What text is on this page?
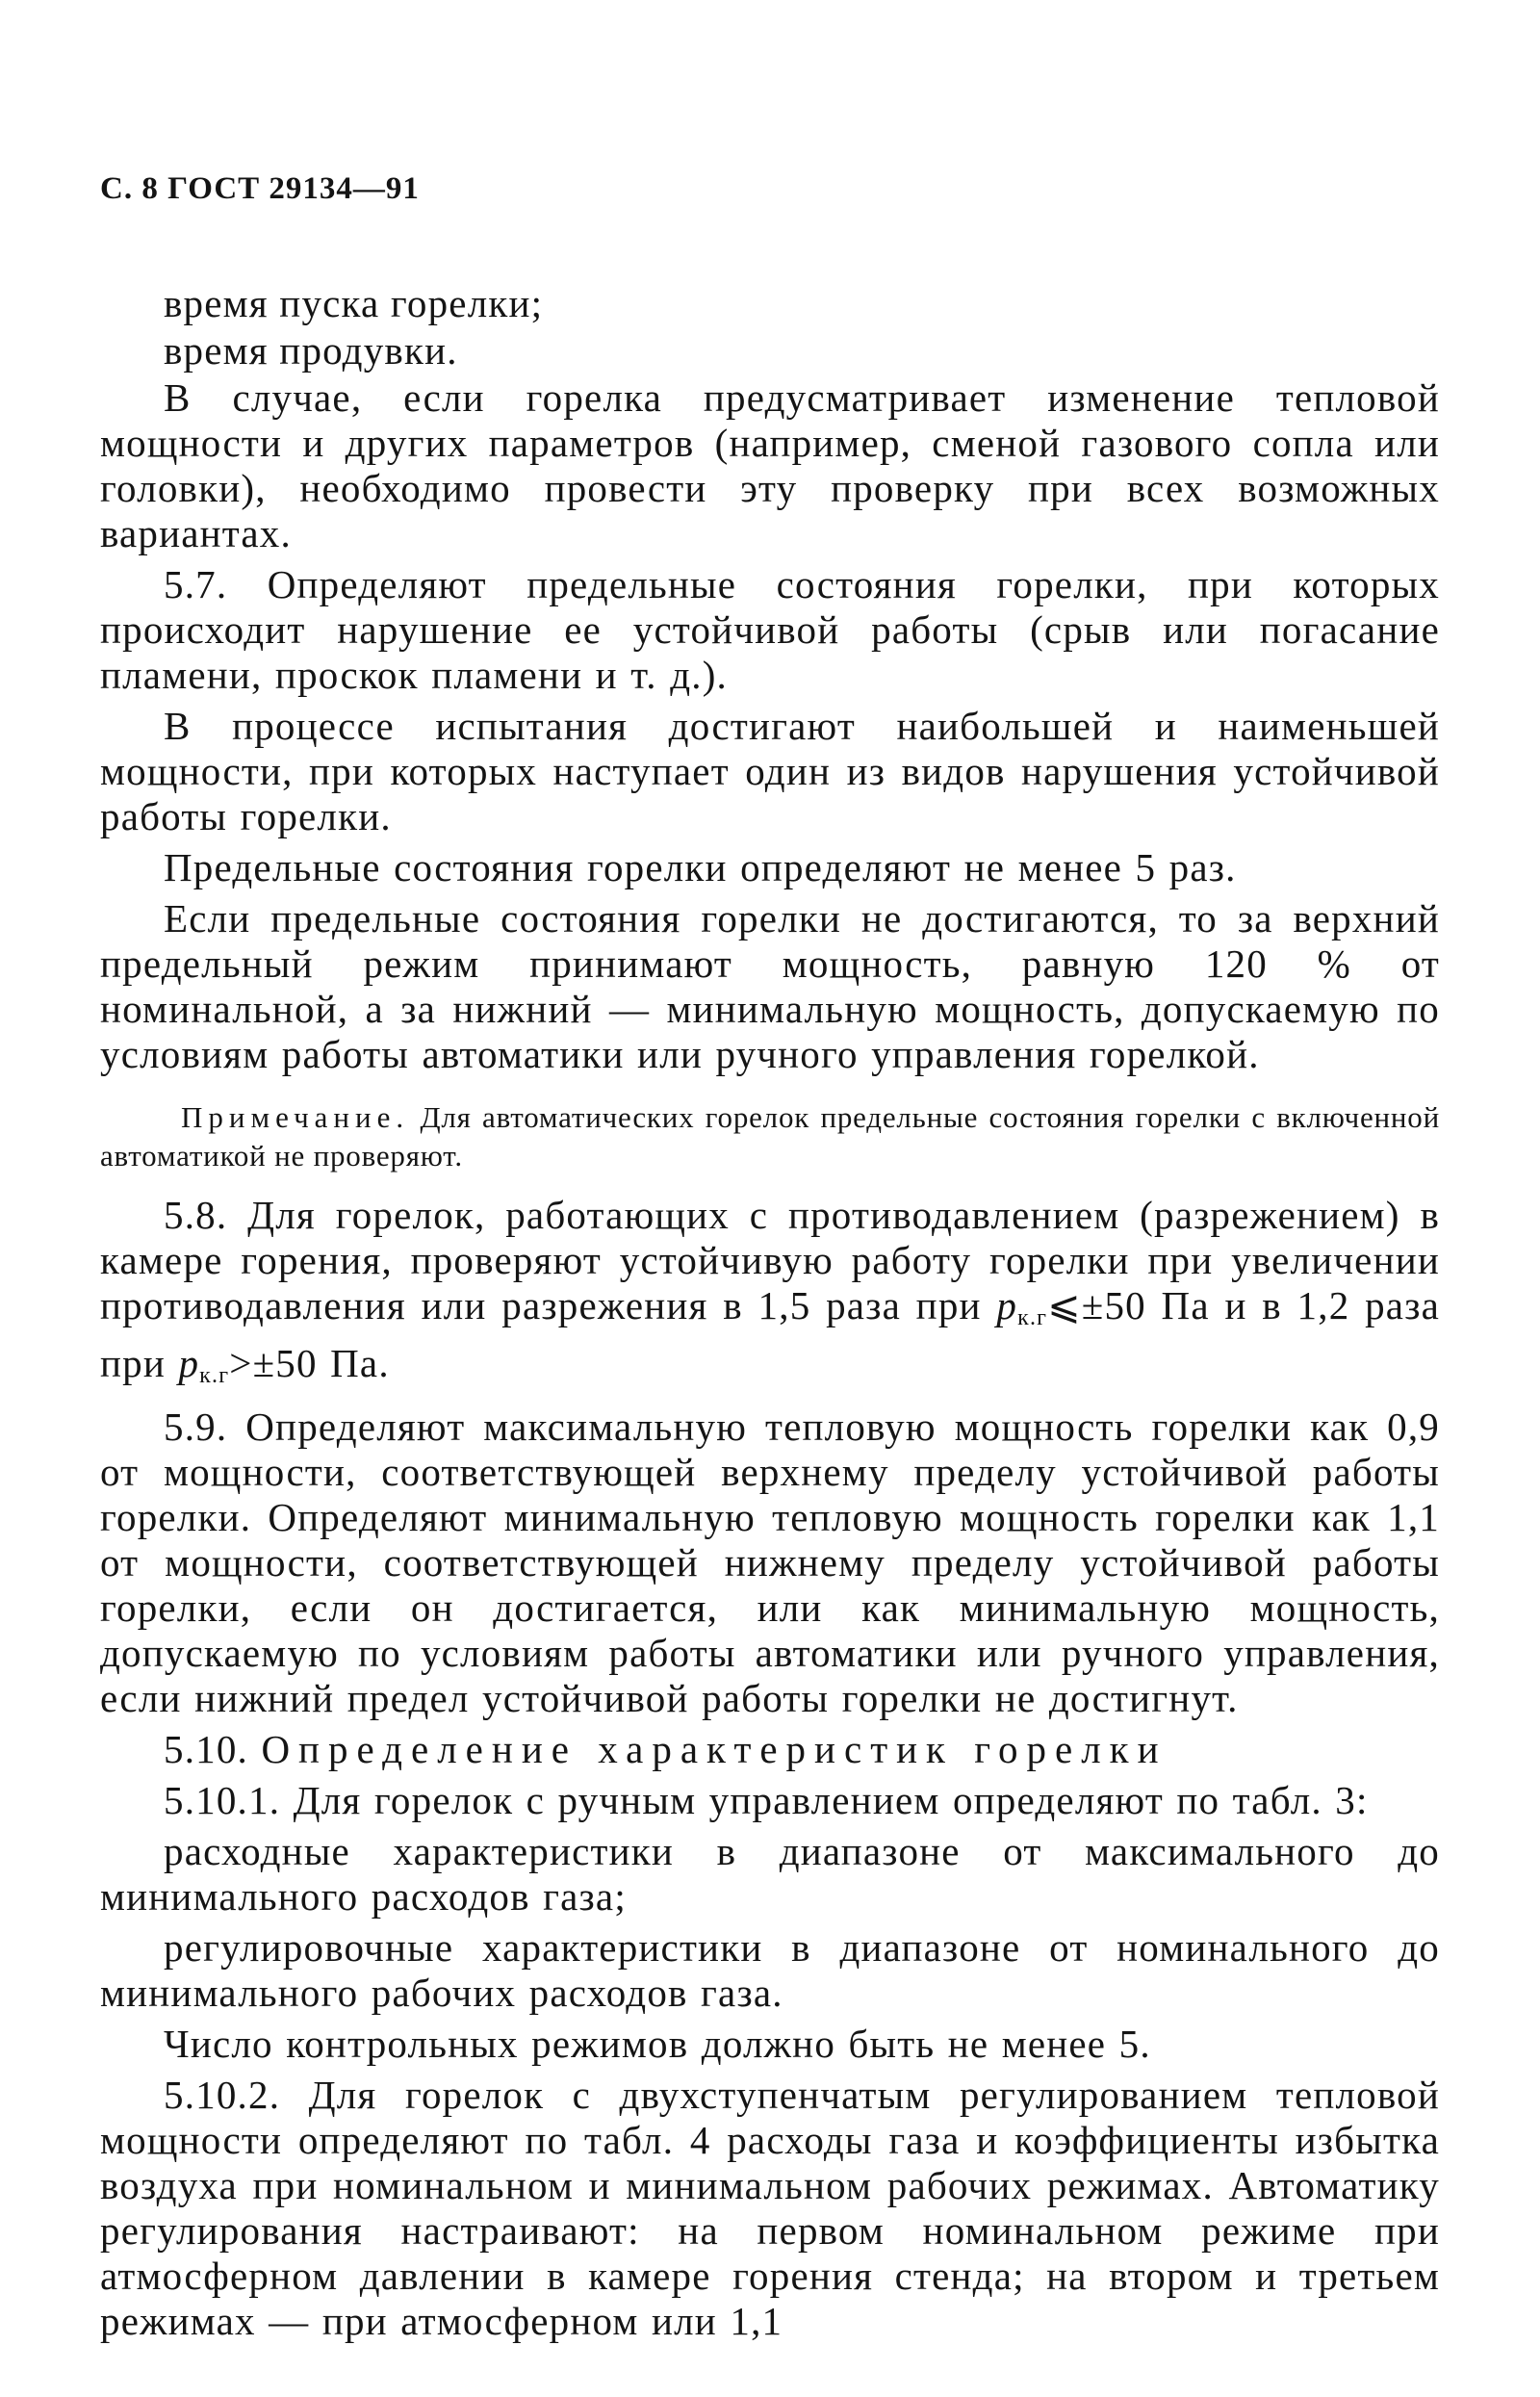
С. 8 ГОСТ 29134—91
время пуска горелки;
время продувки.

В случае, если горелка предусматривает изменение тепловой мощности и других параметров (например, сменой газового сопла или головки), необходимо провести эту проверку при всех возможных вариантах.

5.7. Определяют предельные состояния горелки, при которых происходит нарушение ее устойчивой работы (срыв или погасание пламени, проскок пламени и т. д.).

В процессе испытания достигают наибольшей и наименьшей мощности, при которых наступает один из видов нарушения устойчивой работы горелки.

Предельные состояния горелки определяют не менее 5 раз.

Если предельные состояния горелки не достигаются, то за верхний предельный режим принимают мощность, равную 120 % от номинальной, а за нижний — минимальную мощность, допускаемую по условиям работы автоматики или ручного управления горелкой.

Примечание. Для автоматических горелок предельные состояния горелки с включенной автоматикой не проверяют.

5.8. Для горелок, работающих с противодавлением (разрежением) в камере горения, проверяют устойчивую работу горелки при увеличении противодавления или разрежения в 1,5 раза при $p_{к.г}⩽\pm 50$ Па и в 1,2 раза при $p_{к.г}>\pm 50$ Па.

5.9. Определяют максимальную тепловую мощность горелки как 0,9 от мощности, соответствующей верхнему пределу устойчивой работы горелки. Определяют минимальную тепловую мощность горелки как 1,1 от мощности, соответствующей нижнему пределу устойчивой работы горелки, если он достигается, или как минимальную мощность, допускаемую по условиям работы автоматики или ручного управления, если нижний предел устойчивой работы горелки не достигнут.

5.10. Определение характеристик горелки

5.10.1. Для горелок с ручным управлением определяют по табл. 3:

расходные характеристики в диапазоне от максимального до минимального расходов газа;

регулировочные характеристики в диапазоне от номинального до минимального рабочих расходов газа.

Число контрольных режимов должно быть не менее 5.

5.10.2. Для горелок с двухступенчатым регулированием тепловой мощности определяют по табл. 4 расходы газа и коэффициенты избытка воздуха при номинальном и минимальном рабочих режимах. Автоматику регулирования настраивают: на первом номинальном режиме при атмосферном давлении в камере горения стенда; на втором и третьем режимах — при атмосферном или 1,1
